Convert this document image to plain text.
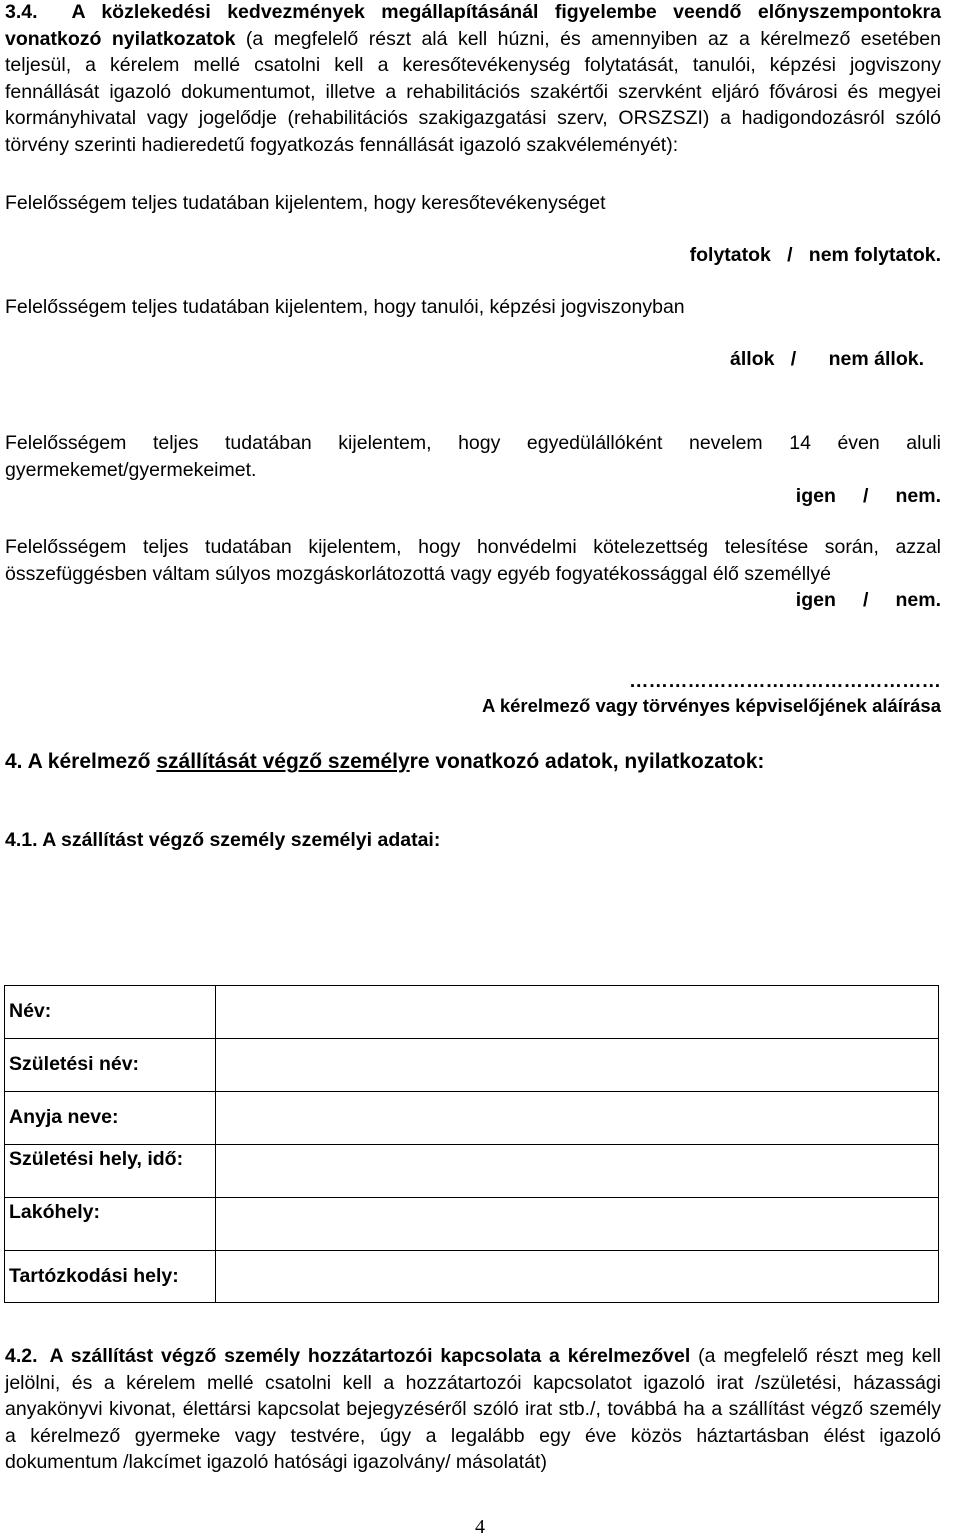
3.4. A közlekedési kedvezmények megállapításánál figyelembe veendő előnyszempontokra vonatkozó nyilatkozatok (a megfelelő részt alá kell húzni, és amennyiben az a kérelmező esetében teljesül, a kérelem mellé csatolni kell a keresőtevékenység folytatását, tanulói, képzési jogviszony fennállását igazoló dokumentumot, illetve a rehabilitációs szakértői szervként eljáró fővárosi és megyei kormányhivatal vagy jogelődje (rehabilitációs szakigazgatási szerv, ORSZSZI) a hadigondozásról szóló törvény szerinti hadieredetű fogyatkozás fennállását igazoló szakvéleményét):

Felelősségem teljes tudatában kijelentem, hogy keresőtevékenységet

folytatok   /   nem folytatok.

Felelősségem teljes tudatában kijelentem, hogy tanulói, képzési jogviszonyban

állok   /      nem állok.

Felelősségem teljes tudatában kijelentem, hogy egyedülállóként nevelem 14 éven aluli gyermekemet/gyermekeimet.

igen     /     nem.

Felelősségem teljes tudatában kijelentem, hogy honvédelmi kötelezettség telesítése során, azzal összefüggésben váltam súlyos mozgáskorlátozottá vagy egyéb fogyatékossággal élő személlyé

igen     /     nem.

…………………………………………

A kérelmező vagy törvényes képviselőjének aláírása

4. A kérelmező szállítását végző személyre vonatkozó adatok, nyilatkozatok:

4.1. A szállítást végző személy személyi adatai:

Név:	
Születési név:	
Anyja neve:	
Születési hely, idő:	
Lakóhely:	
Tartózkodási hely:	

4.2. A szállítást végző személy hozzátartozói kapcsolata a kérelmezővel (a megfelelő részt meg kell jelölni, és a kérelem mellé csatolni kell a hozzátartozói kapcsolatot igazoló irat /születési, házassági anyakönyvi kivonat, élettársi kapcsolat bejegyzéséről szóló irat stb./, továbbá ha a szállítást végző személy a kérelmező gyermeke vagy testvére, úgy a legalább egy éve közös háztartásban élést igazoló dokumentum /lakcímet igazoló hatósági igazolvány/ másolatát)

4
